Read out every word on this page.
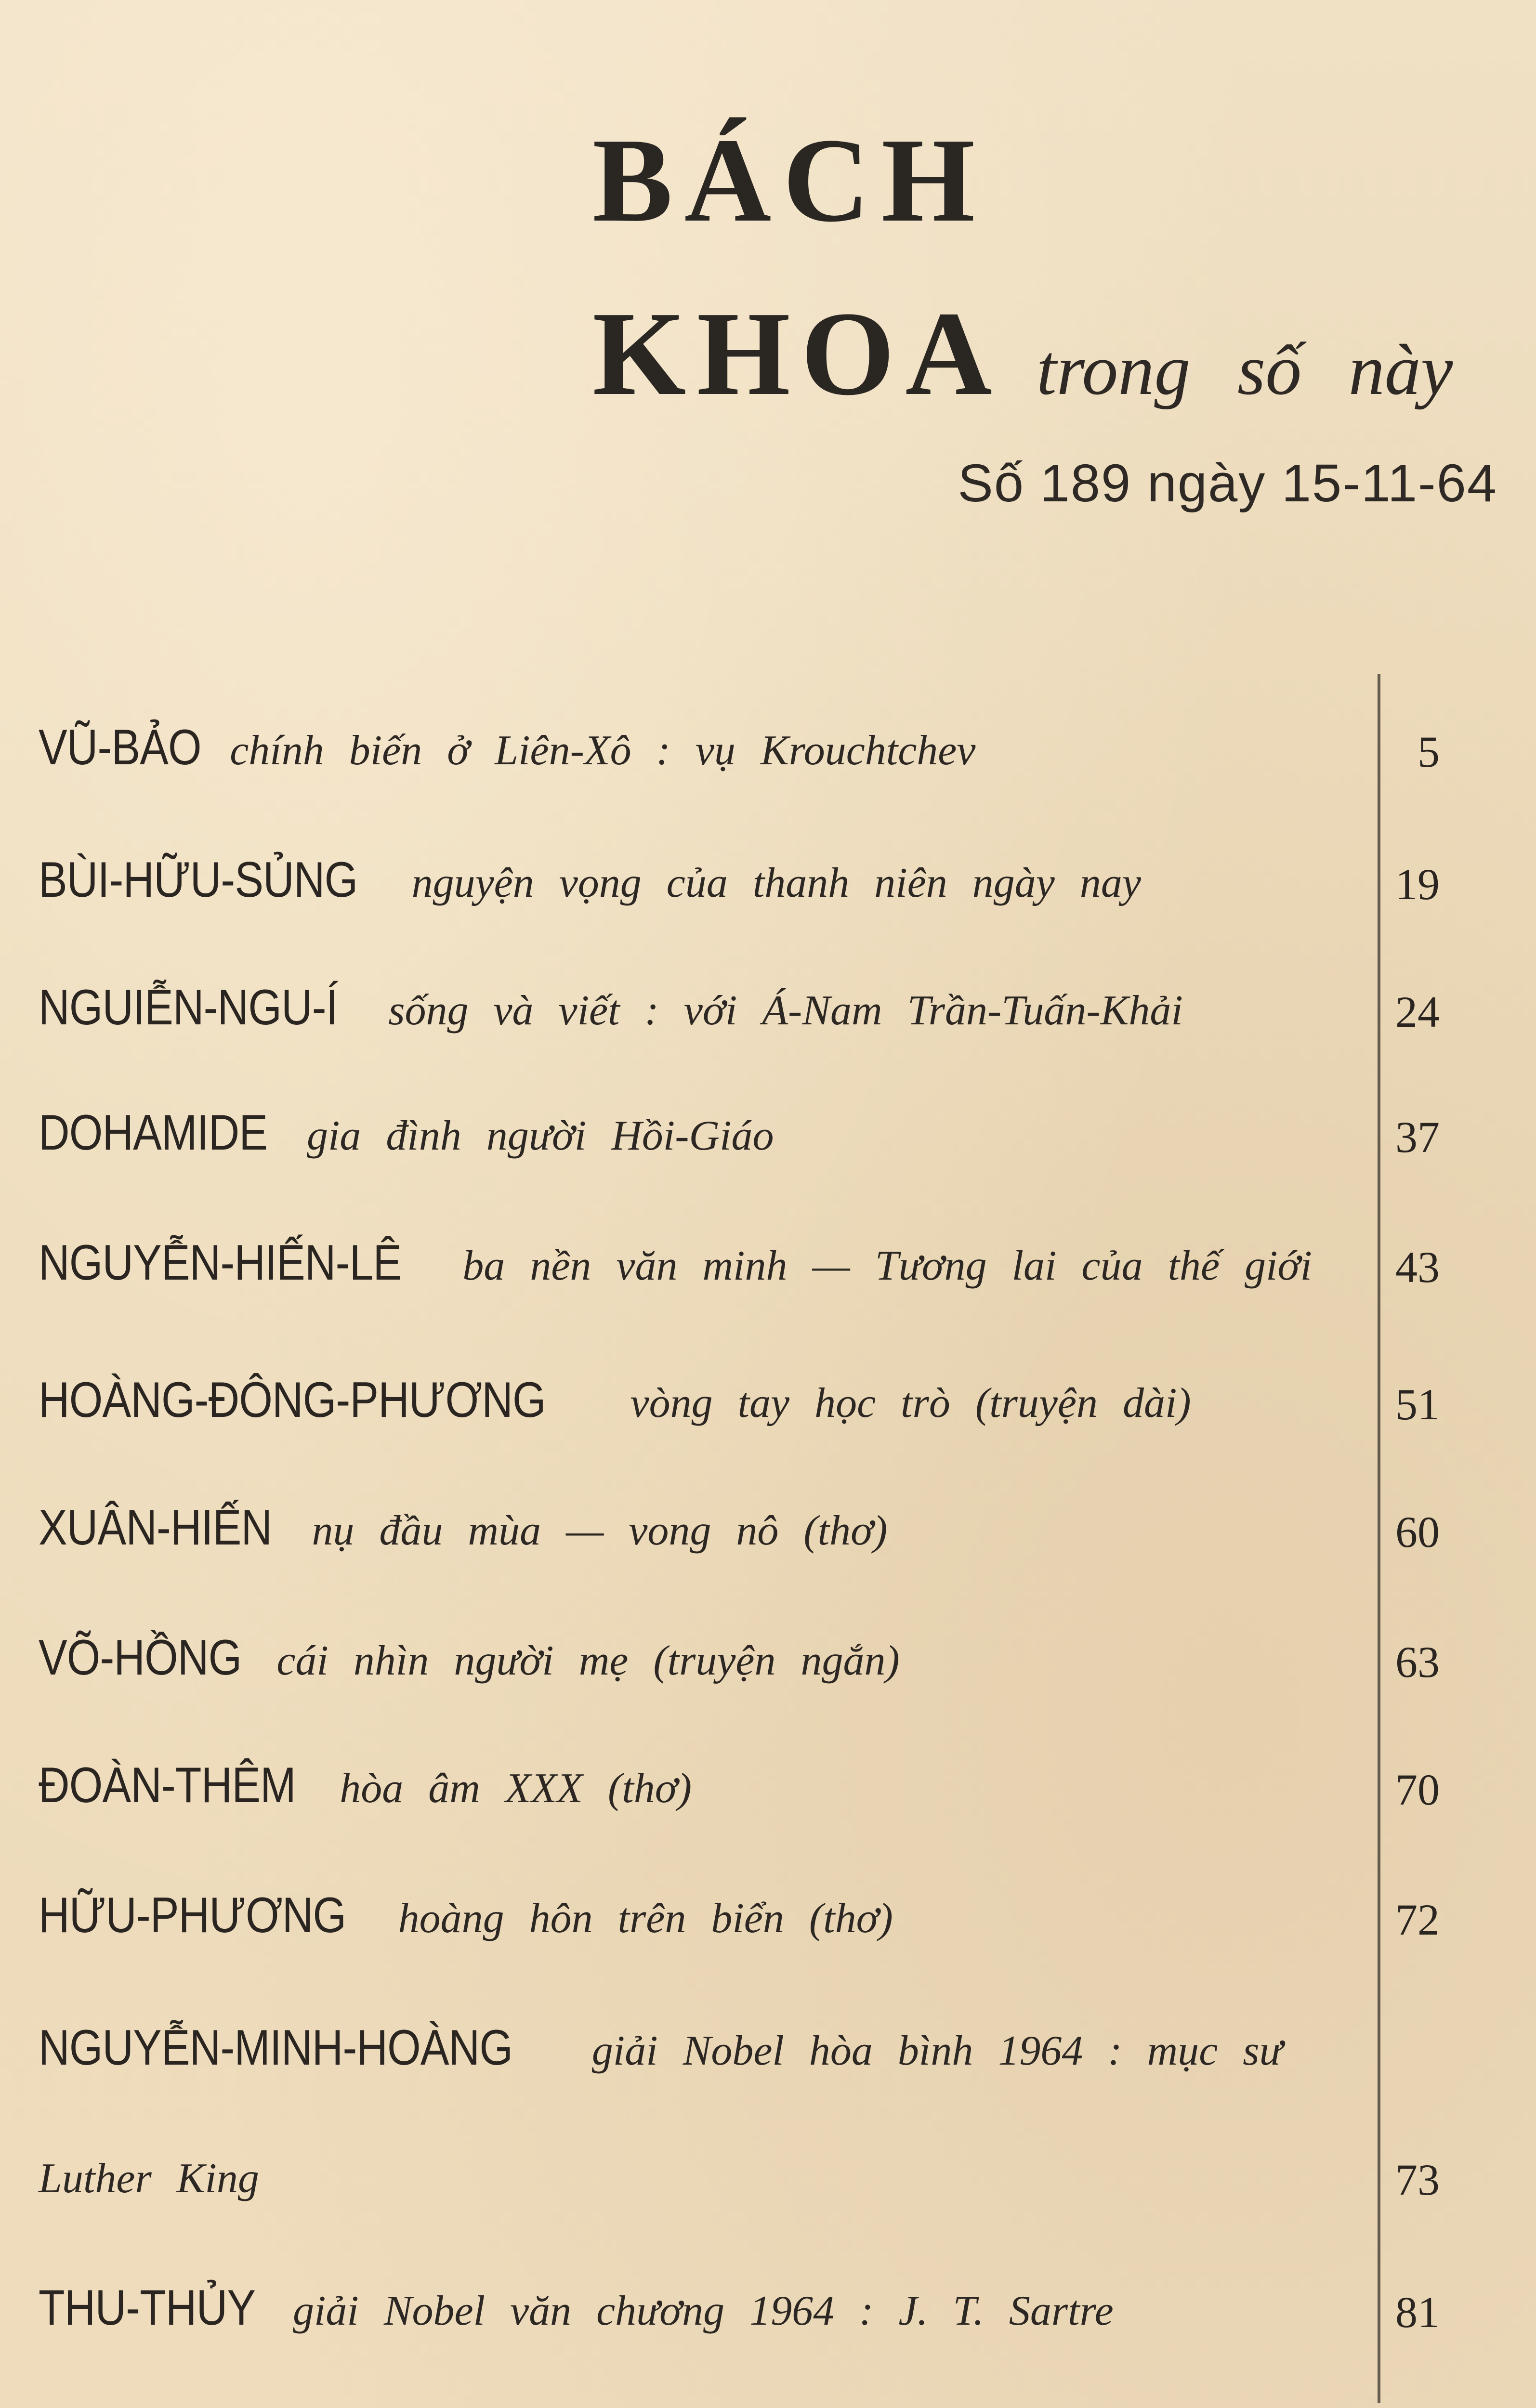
BÁCH
KHOA trong số này
Số 189 ngày 15-11-64
VŨ-BẢO chính biến ở Liên-Xô : vụ Krouchtchev	5
BÙI-HỮU-SỦNG nguyện vọng của thanh niên ngày nay	19
NGUIỄN-NGU-Í sống và viết : với Á-Nam Trần-Tuấn-Khải	24
DOHAMIDE gia đình người Hồi-Giáo	37
NGUYỄN-HIẾN-LÊ ba nền văn minh — Tương lai của thế giới	43
HOÀNG-ĐÔNG-PHƯƠNG vòng tay học trò (truyện dài)	51
XUÂN-HIẾN nụ đầu mùa — vong nô (thơ)	60
VÕ-HỒNG cái nhìn người mẹ (truyện ngắn)	63
ĐOÀN-THÊM hòa âm XXX (thơ)	70
HỮU-PHƯƠNG hoàng hôn trên biển (thơ)	72
NGUYỄN-MINH-HOÀNG giải Nobel hòa bình 1964 : mục sư
Luther King	73
THU-THỦY giải Nobel văn chương 1964 : J. T. Sartre	81
